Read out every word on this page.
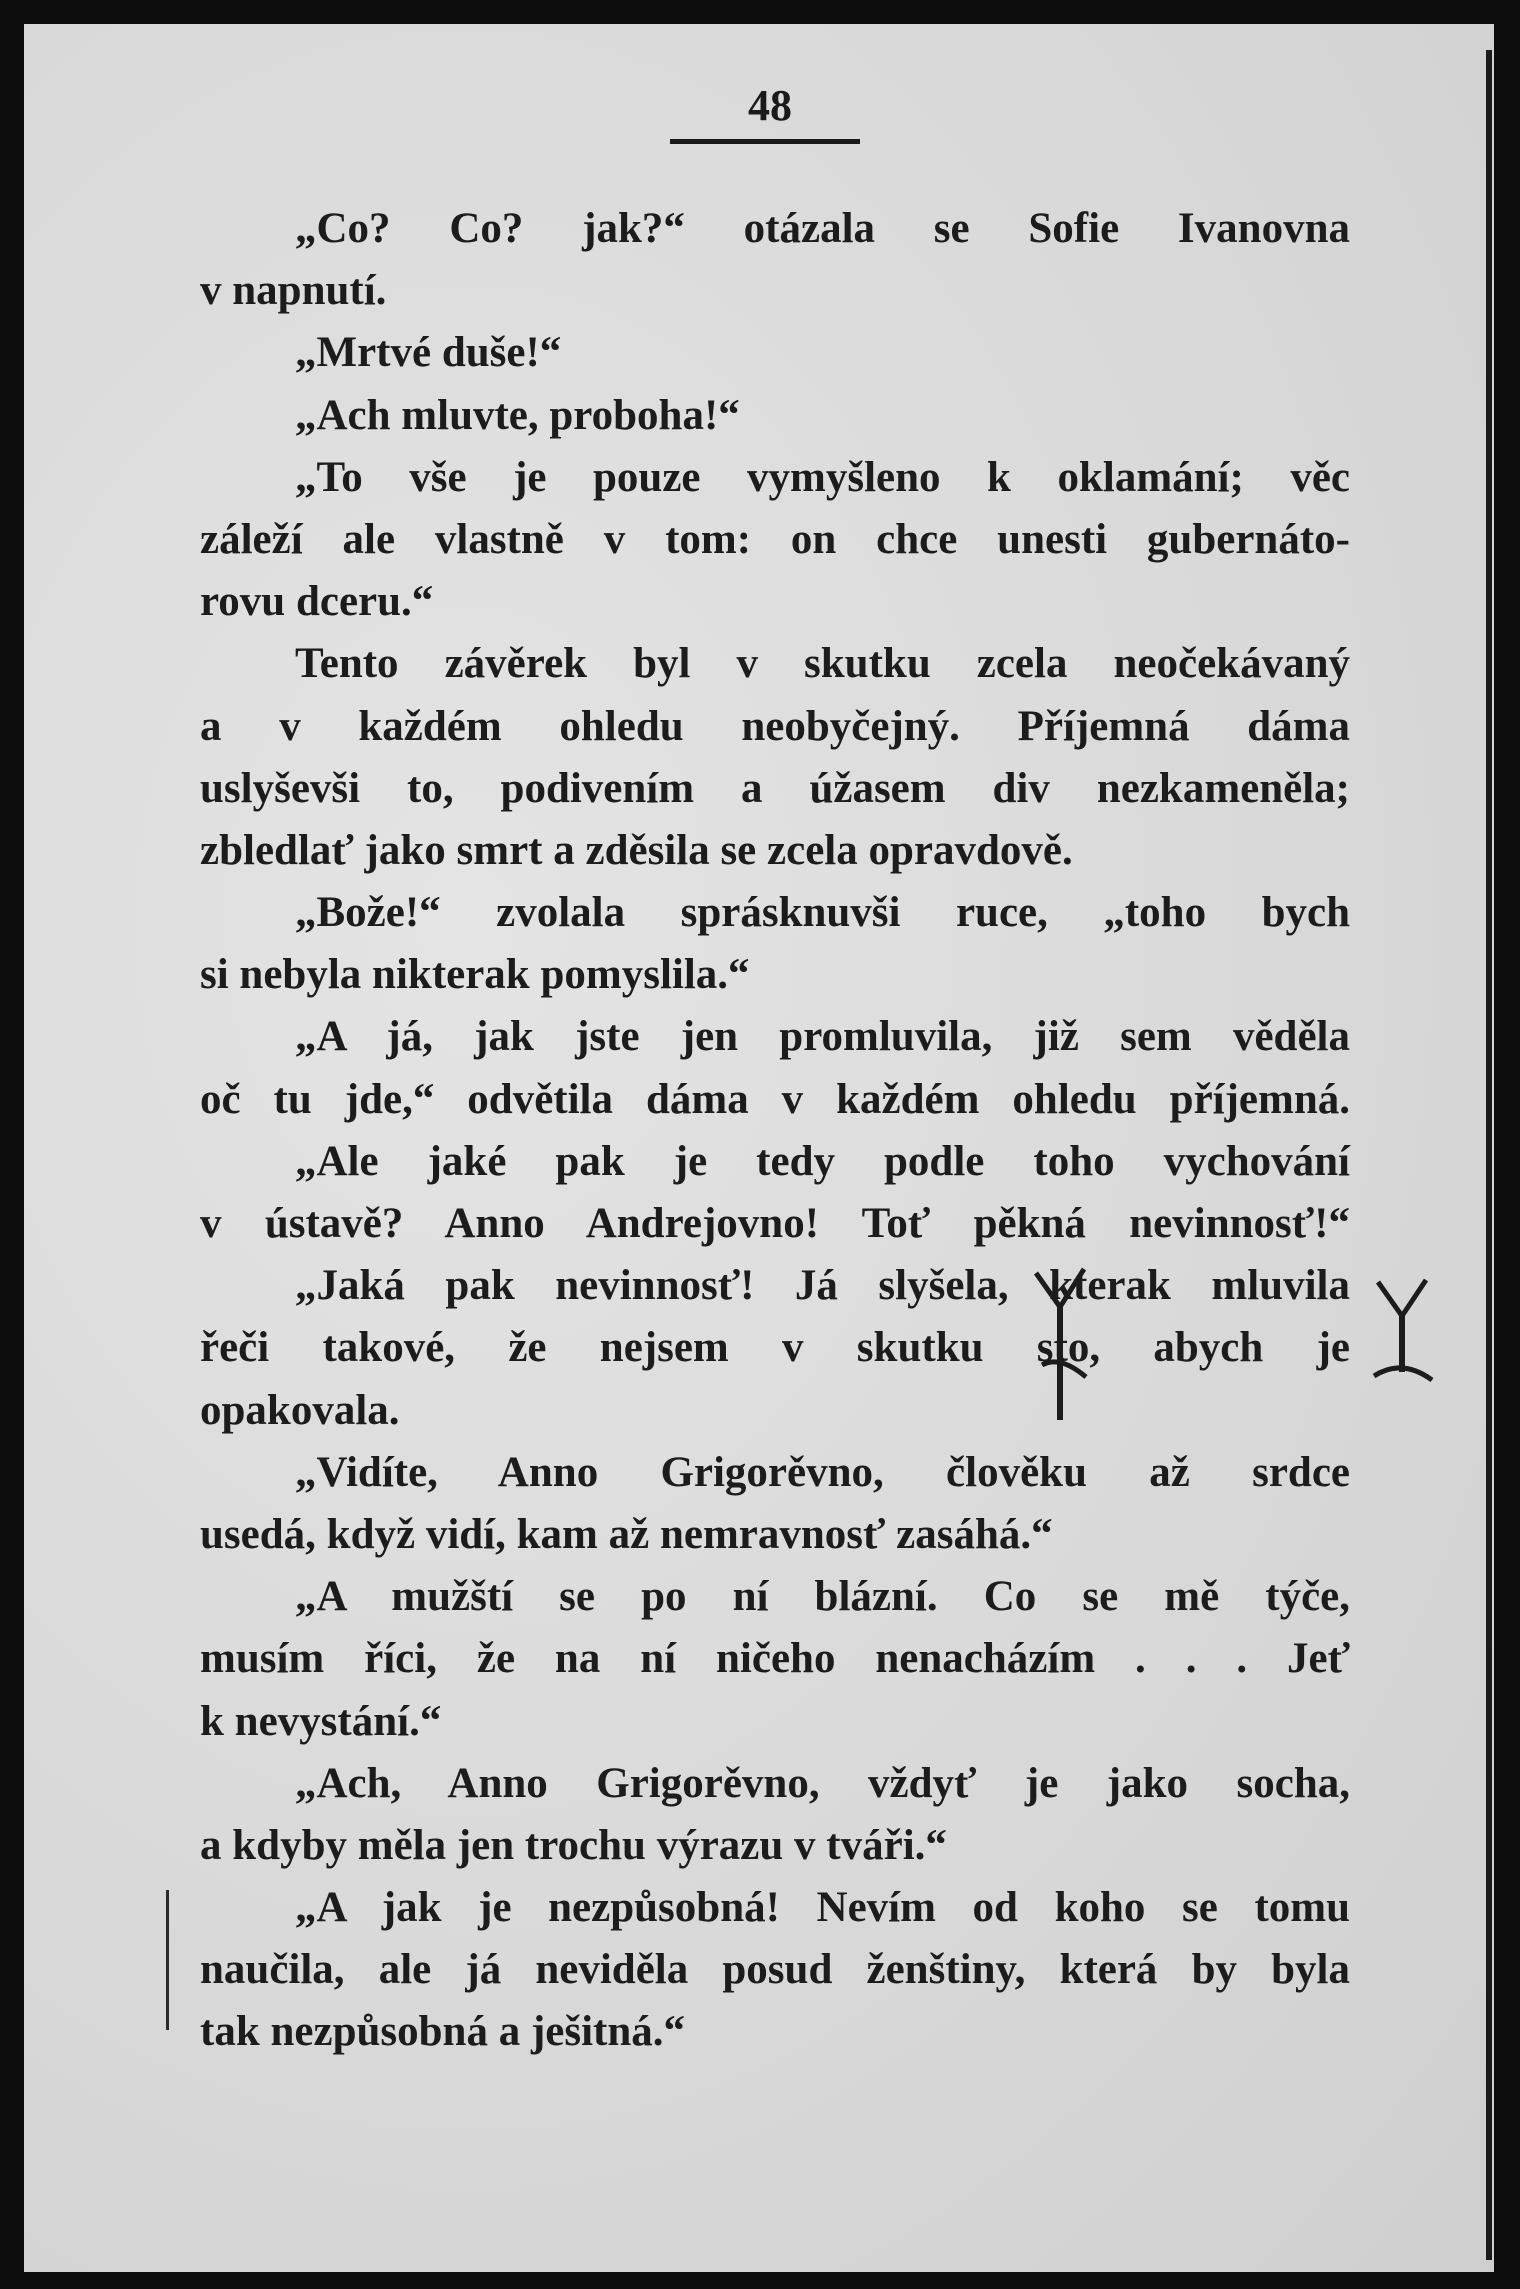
48

„Co? Co? jak?“ otázala se Sofie Ivanovna
v napnutí.
„Mrtvé duše!“
„Ach mluvte, proboha!“
„To vše je pouze vymyšleno k oklamání; věc
záleží ale vlastně v tom: on chce unesti gubernáto-
rovu dceru.“
Tento závěrek byl v skutku zcela neočekávaný
a v každém ohledu neobyčejný. Příjemná dáma
uslyševši to, podivením a úžasem div nezkameněla;
zbledlať jako smrt a zděsila se zcela opravdově.
„Bože!“ zvolala sprásknuvši ruce, „toho bych
si nebyla nikterak pomyslila.“
„A já, jak jste jen promluvila, již sem věděla
oč tu jde,“ odvětila dáma v každém ohledu příjemná.
„Ale jaké pak je tedy podle toho vychování
v ústavě? Anno Andrejovno! Toť pěkná nevinnosť!“
„Jaká pak nevinnosť! Já slyšela, kterak mluvila
řeči takové, že nejsem v skutku sto, abych je
opakovala.
„Vidíte, Anno Grigorěvno, člověku až srdce
usedá, když vidí, kam až nemravnosť zasáhá.“
„A mužští se po ní blázní. Co se mě týče,
musím říci, že na ní ničeho nenacházím . . . Jeť
k nevystání.“
„Ach, Anno Grigorěvno, vždyť je jako socha,
a kdyby měla jen trochu výrazu v tváři.“
„A jak je nezpůsobná! Nevím od koho se tomu
naučila, ale já neviděla posud ženštiny, která by byla
tak nezpůsobná a ješitná.“
